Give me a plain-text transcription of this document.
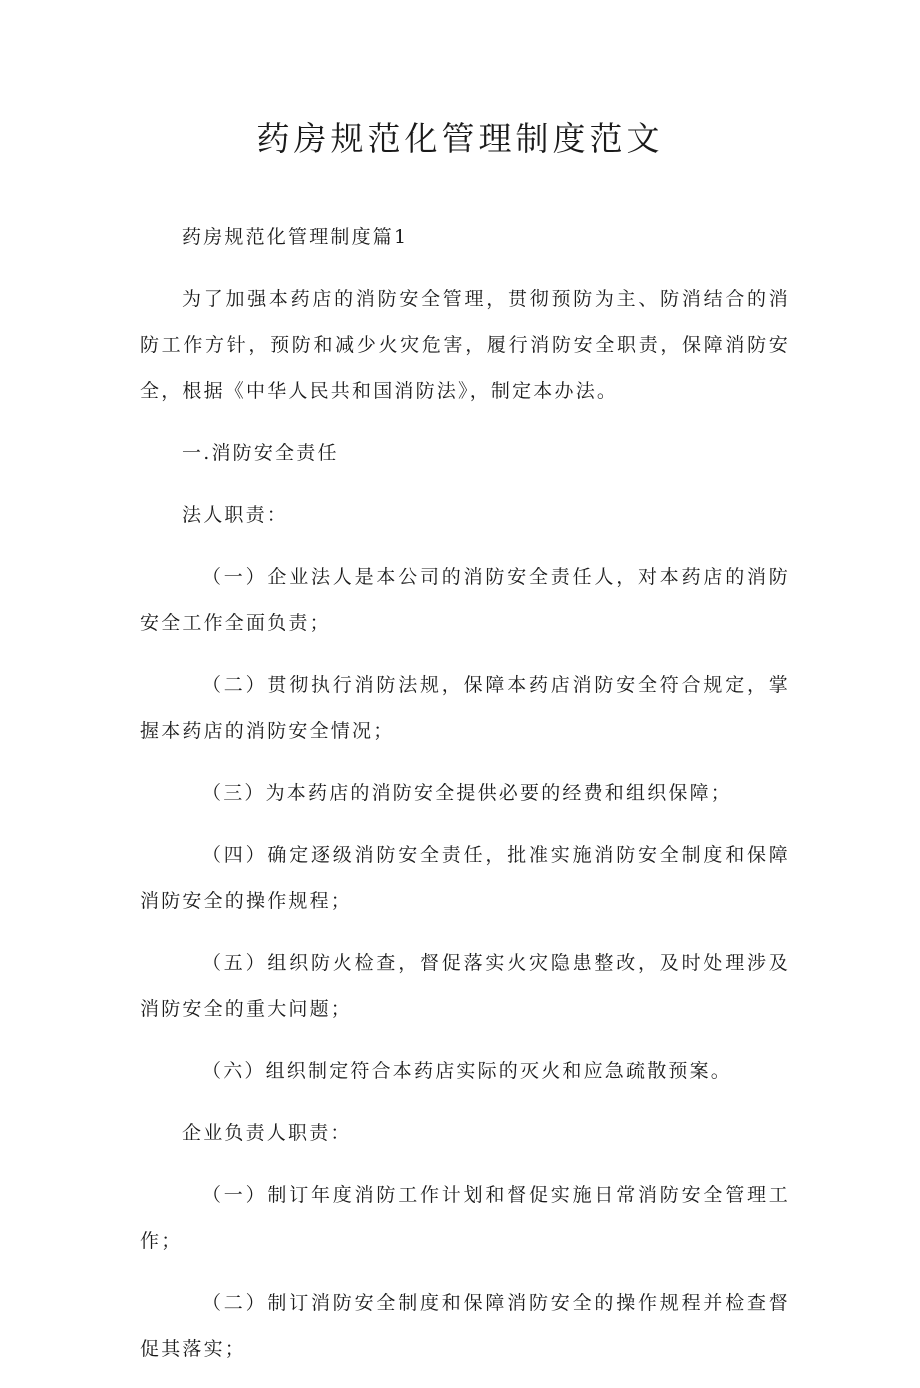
药房规范化管理制度范文

药房规范化管理制度篇1

为了加强本药店的消防安全管理，贯彻预防为主、防消结合的消防工作方针，预防和减少火灾危害，履行消防安全职责，保障消防安全，根据《中华人民共和国消防法》，制定本办法。

一.消防安全责任

法人职责：

（一）企业法人是本公司的消防安全责任人，对本药店的消防安全工作全面负责；

（二）贯彻执行消防法规，保障本药店消防安全符合规定，掌握本药店的消防安全情况；

（三）为本药店的消防安全提供必要的经费和组织保障；

（四）确定逐级消防安全责任，批准实施消防安全制度和保障消防安全的操作规程；

（五）组织防火检查，督促落实火灾隐患整改，及时处理涉及消防安全的重大问题；

（六）组织制定符合本药店实际的灭火和应急疏散预案。

企业负责人职责：

（一）制订年度消防工作计划和督促实施日常消防安全管理工作；

（二）制订消防安全制度和保障消防安全的操作规程并检查督促其落实；
